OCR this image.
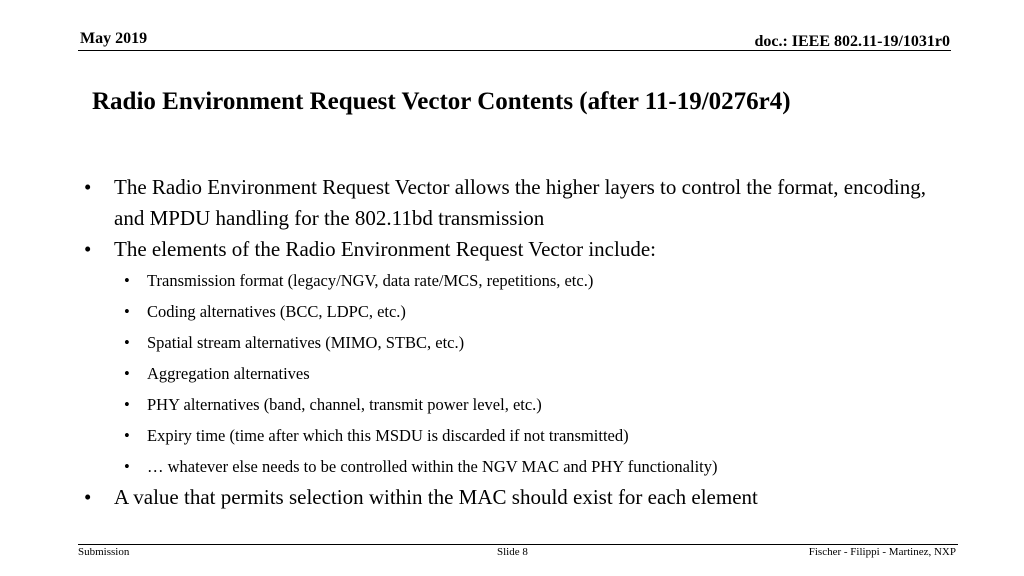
May 2019	doc.: IEEE 802.11-19/1031r0
Radio Environment Request Vector Contents (after 11-19/0276r4)
• The Radio Environment Request Vector allows the higher layers to control the format, encoding, and MPDU handling for the 802.11bd transmission
• The elements of the Radio Environment Request Vector include:
• Transmission format (legacy/NGV, data rate/MCS, repetitions, etc.)
• Coding alternatives (BCC, LDPC, etc.)
• Spatial stream alternatives (MIMO, STBC, etc.)
• Aggregation alternatives
• PHY alternatives (band, channel, transmit power level, etc.)
• Expiry time (time after which this MSDU is discarded if not transmitted)
• … whatever else needs to be controlled within the NGV MAC and PHY functionality)
• A value that permits selection within the MAC should exist for each element
Submission	Slide 8	Fischer - Filippi - Martinez, NXP
